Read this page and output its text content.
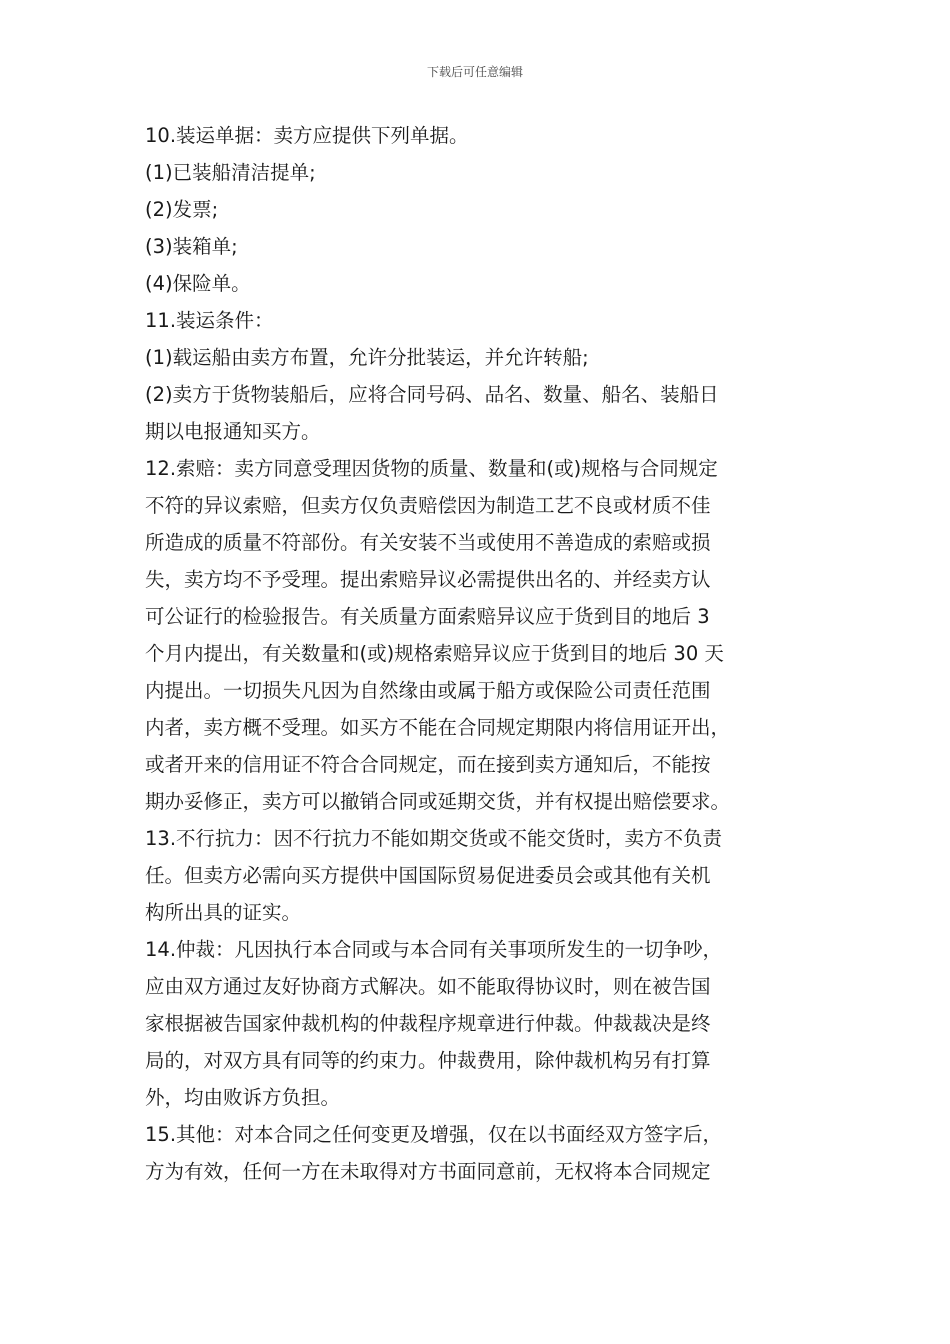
下载后可任意编辑
10.装运单据：卖方应提供下列单据。
(1)已装船清洁提单;
(2)发票;
(3)装箱单;
(4)保险单。
11.装运条件：
(1)载运船由卖方布置，允许分批装运，并允许转船;
(2)卖方于货物装船后，应将合同号码、品名、数量、船名、装船日
期以电报通知买方。
12.索赔：卖方同意受理因货物的质量、数量和(或)规格与合同规定
不符的异议索赔，但卖方仅负责赔偿因为制造工艺不良或材质不佳
所造成的质量不符部份。有关安装不当或使用不善造成的索赔或损
失，卖方均不予受理。提出索赔异议必需提供出名的、并经卖方认
可公证行的检验报告。有关质量方面索赔异议应于货到目的地后 3
个月内提出，有关数量和(或)规格索赔异议应于货到目的地后 30 天
内提出。一切损失凡因为自然缘由或属于船方或保险公司责任范围
内者，卖方概不受理。如买方不能在合同规定期限内将信用证开出，
或者开来的信用证不符合合同规定，而在接到卖方通知后，不能按
期办妥修正，卖方可以撤销合同或延期交货，并有权提出赔偿要求。
13.不行抗力：因不行抗力不能如期交货或不能交货时，卖方不负责
任。但卖方必需向买方提供中国国际贸易促进委员会或其他有关机
构所出具的证实。
14.仲裁：凡因执行本合同或与本合同有关事项所发生的一切争吵，
应由双方通过友好协商方式解决。如不能取得协议时，则在被告国
家根据被告国家仲裁机构的仲裁程序规章进行仲裁。仲裁裁决是终
局的，对双方具有同等的约束力。仲裁费用，除仲裁机构另有打算
外，均由败诉方负担。
15.其他：对本合同之任何变更及增强，仅在以书面经双方签字后，
方为有效，任何一方在未取得对方书面同意前，无权将本合同规定
